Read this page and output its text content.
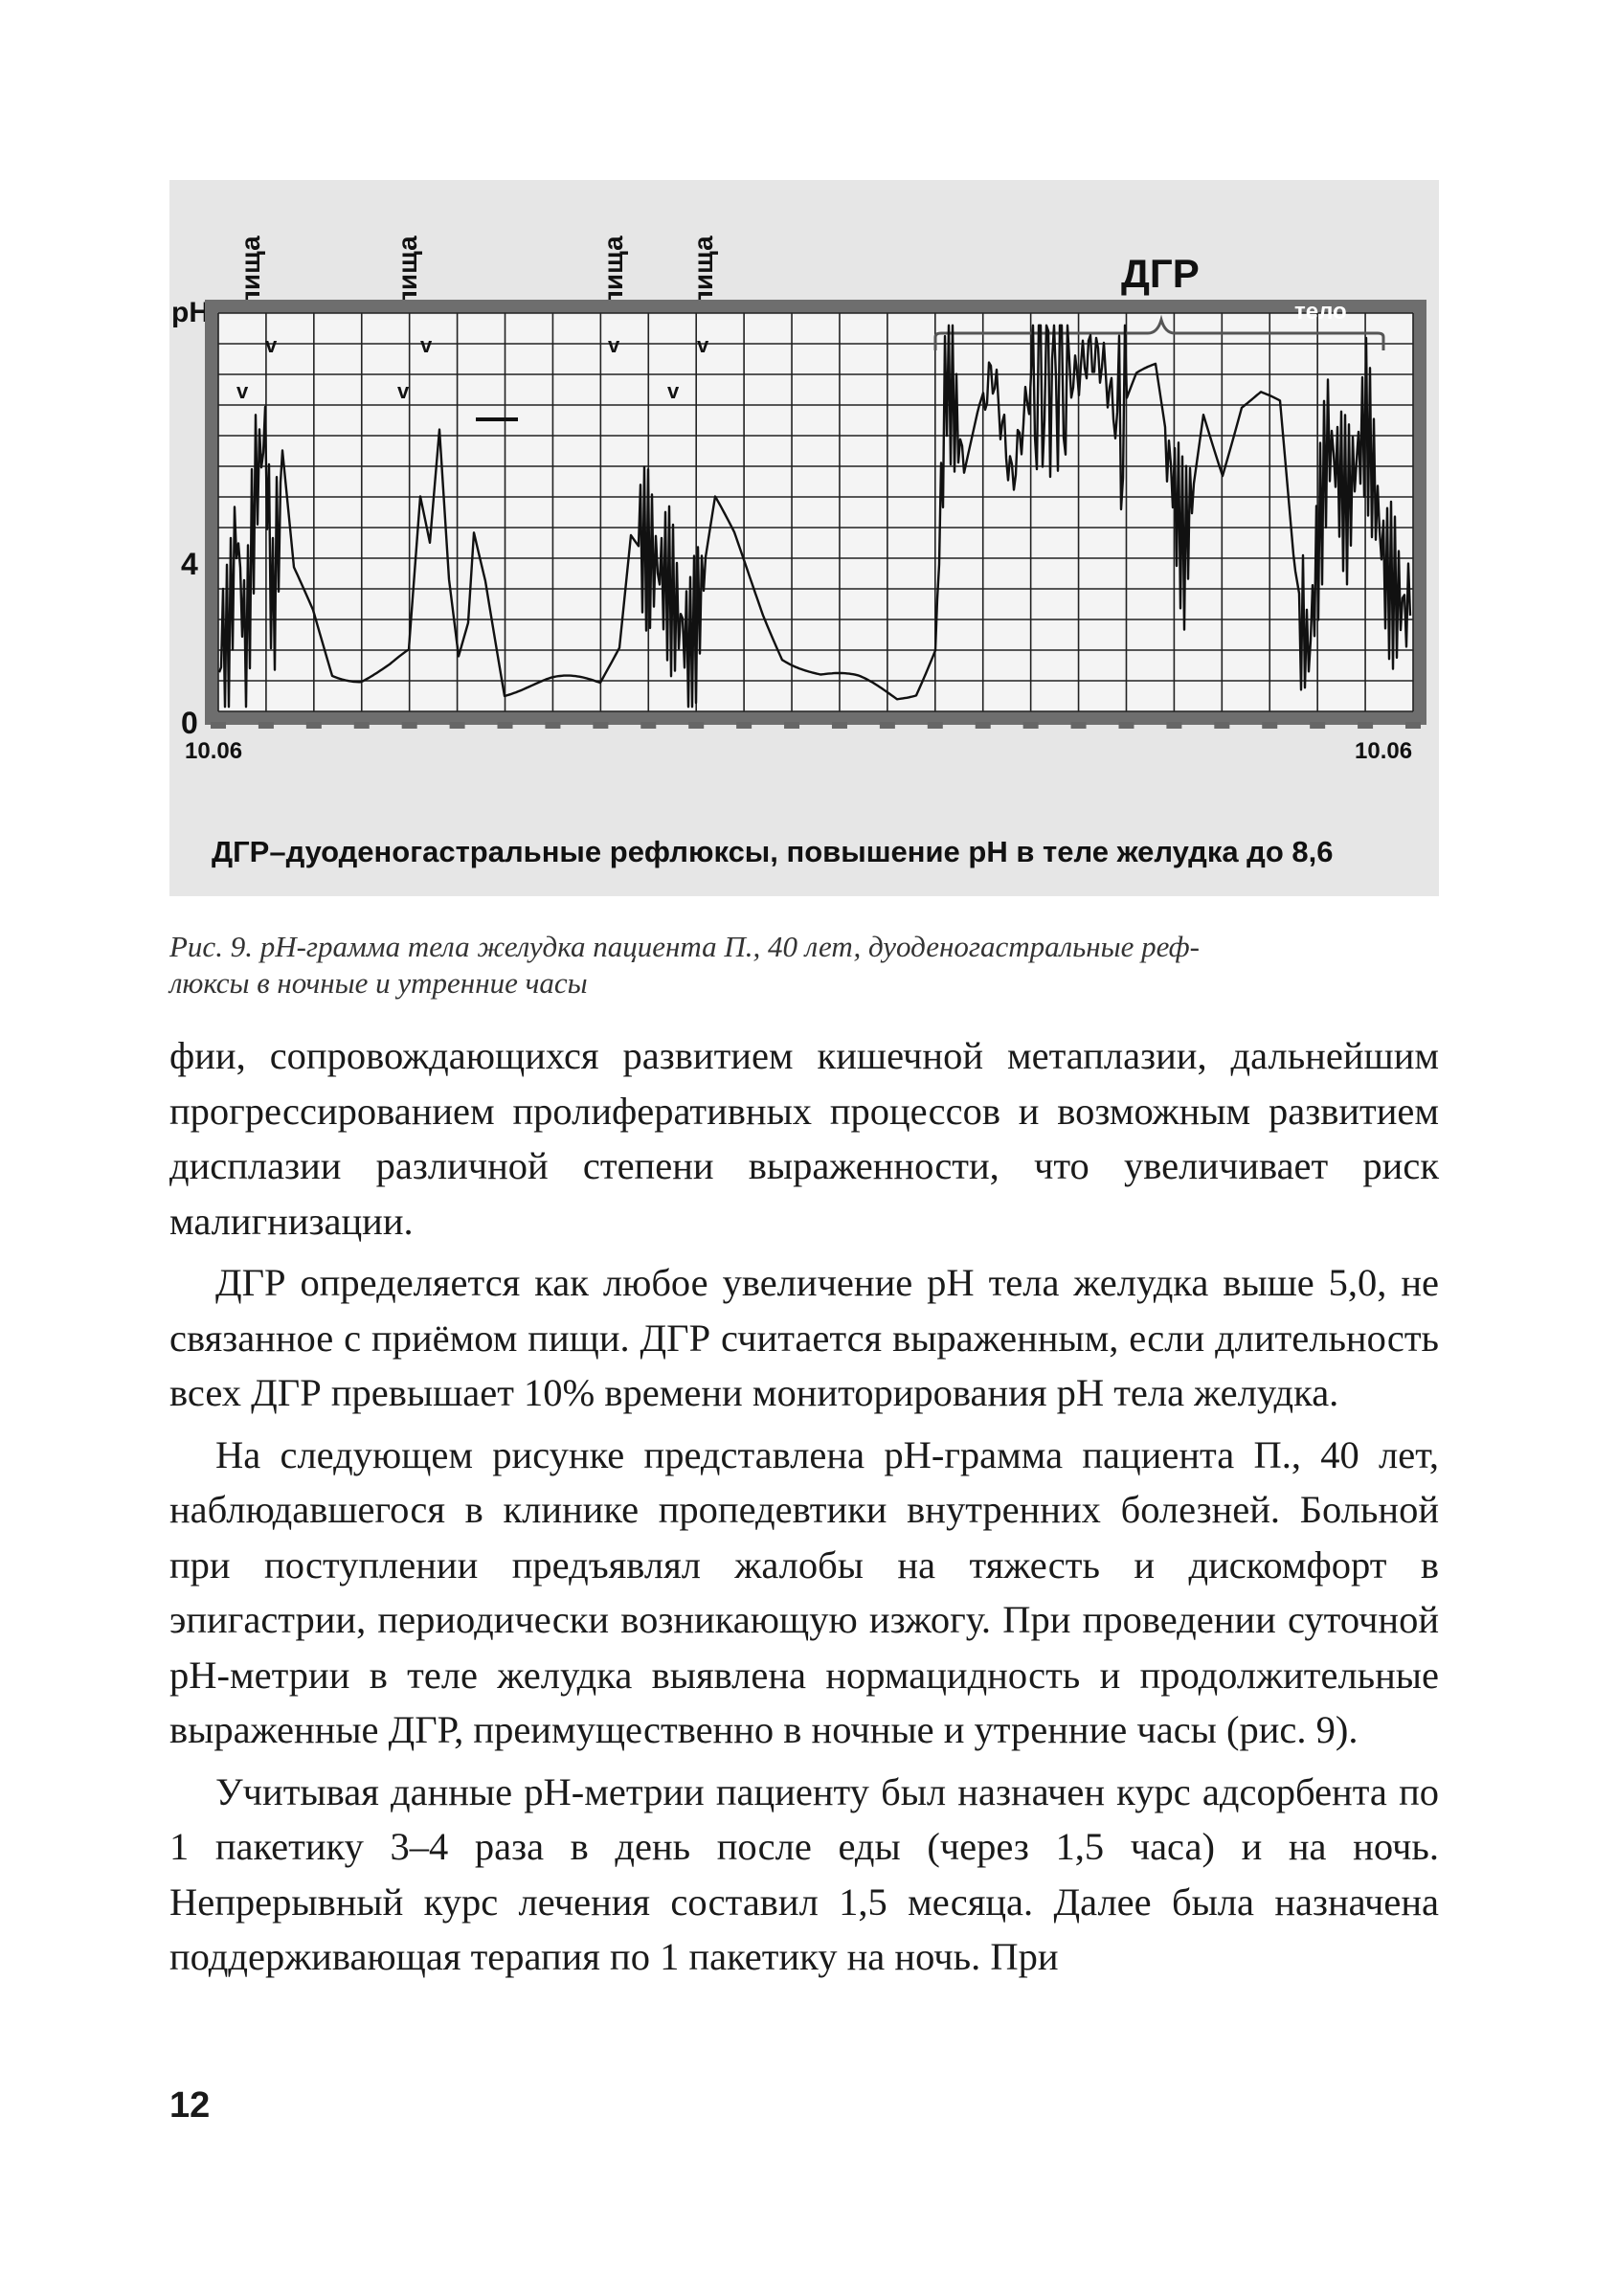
пища	пища	пища пища	ДГР
pH
4
0
тело
v	v	v	v
v	v	v
10.06	10.06
ДГР–дуоденогастральные рефлюксы, повышение рН в теле желудка до 8,6
Рис. 9. рН-грамма тела желудка пациента П., 40 лет, дуоденогастральные реф-
люксы в ночные и утренние часы

фии, сопровождающихся развитием кишечной метаплазии, дальнейшим прогрессированием пролиферативных процессов и возможным развитием дисплазии различной степени выраженности, что увеличивает риск малигнизации.

ДГР определяется как любое увеличение рН тела желудка выше 5,0, не связанное с приёмом пищи. ДГР считается выраженным, если длительность всех ДГР превышает 10% времени мониторирования рН тела желудка.

На следующем рисунке представлена рН-грамма пациента П., 40 лет, наблюдавшегося в клинике пропедевтики внутренних болезней. Больной при поступлении предъявлял жалобы на тяжесть и дискомфорт в эпигастрии, периодически возникающую изжогу. При проведении суточной рН-метрии в теле желудка выявлена нормацидность и продолжительные выраженные ДГР, преимущественно в ночные и утренние часы (рис. 9).

Учитывая данные рН-метрии пациенту был назначен курс адсорбента по 1 пакетику 3–4 раза в день после еды (через 1,5 часа) и на ночь. Непрерывный курс лечения составил 1,5 месяца. Далее была назначена поддерживающая терапия по 1 пакетику на ночь. При

12
